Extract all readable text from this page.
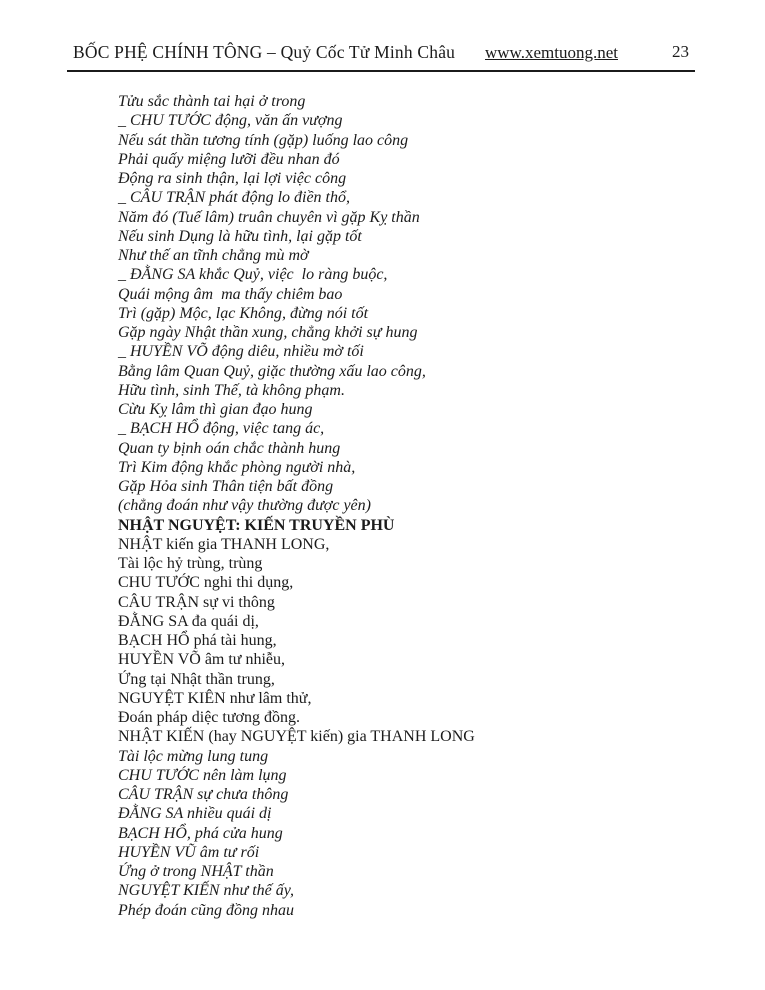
BỐC PHỆ CHÍNH TÔNG – Quỷ Cốc Tử Minh Châu www.xemtuong.net	23
Tửu sắc thành tai hại ở trong
_ CHU TƯỚC động, văn ấn vượng
Nếu sát thần tương tính (gặp) luống lao công
Phải quấy miệng lưỡi đều nhan đó
Động ra sinh thận, lại lợi việc công
_ CÂU TRẬN phát động lo điền thổ,
Năm đó (Tuế lâm) truân chuyên vì gặp Kỵ thần
Nếu sinh Dụng là hữu tình, lại gặp tốt
Như thế an tĩnh chẳng mù mờ
_ ĐẰNG SA khắc Quỷ, việc  lo ràng buộc,
Quái mộng âm  ma thấy chiêm bao
Trì (gặp) Mộc, lạc Không, đừng nói tốt
Gặp ngày Nhật thần xung, chẳng khởi sự hung
_ HUYỀN VÕ động diêu, nhiều mờ tối
Bằng lâm Quan Quỷ, giặc thường xấu lao công,
Hữu tình, sinh Thế, tà không phạm.
Cừu Kỵ lâm thì gian đạo hung
_ BẠCH HỔ động, việc tang ác,
Quan ty bịnh oán chắc thành hung
Trì Kim động khắc phòng người nhà,
Gặp Hỏa sinh Thân tiện bất đồng
(chẳng đoán như vậy thường được yên)
NHẬT NGUYỆT: KIẾN TRUYỀN PHÙ
NHẬT kiến gia THANH LONG,
Tài lộc hỷ trùng, trùng
CHU TƯỚC nghi thi dụng,
CÂU TRẬN sự vi thông
ĐẰNG SA đa quái dị,
BẠCH HỔ phá tài hung,
HUYỀN VÕ âm tư nhiễu,
Ứng tại Nhật thần trung,
NGUYỆT KIÊN như lâm thử,
Đoán pháp diệc tương đồng.
NHẬT KIẾN (hay NGUYỆT kiến) gia THANH LONG
Tài lộc mừng lung tung
CHU TƯỚC nên làm lụng
CÂU TRẬN sự chưa thông
ĐẰNG SA nhiều quái dị
BẠCH HỔ, phá cửa hung
HUYỀN VŨ âm tư rối
Ứng ở trong NHẬT thần
NGUYỆT KIẾN như thế ấy,
Phép đoán cũng đồng nhau
